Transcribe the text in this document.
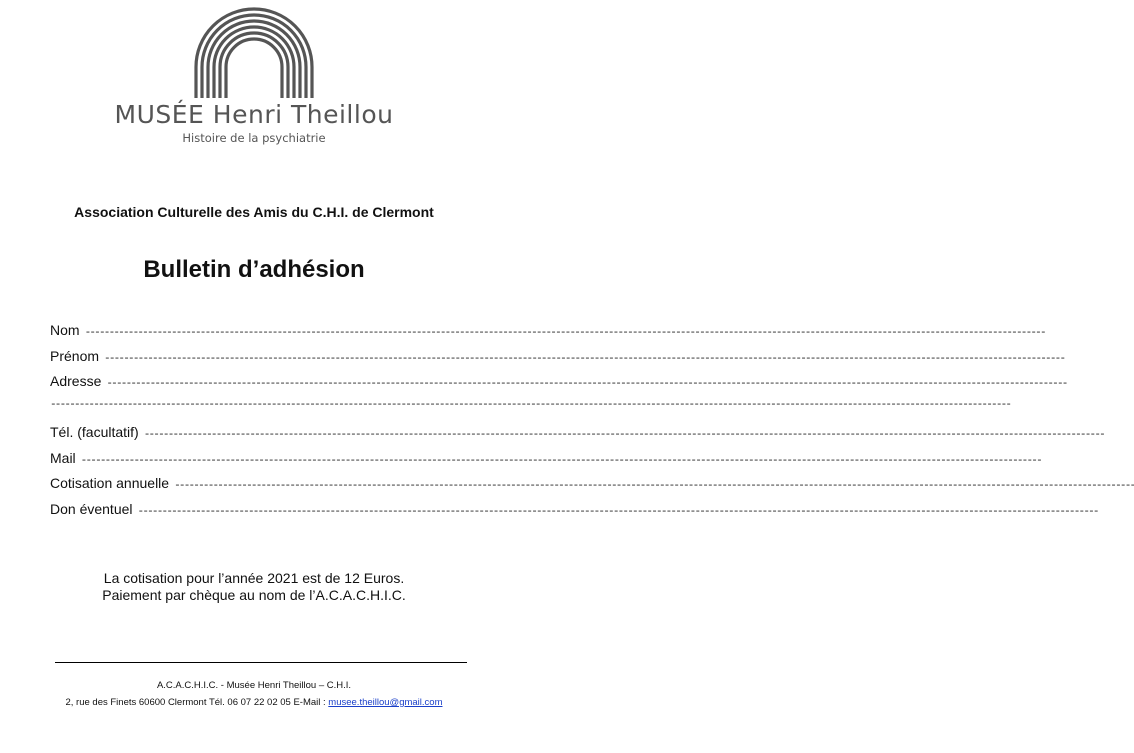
MUSÉE Henri Theillou
Histoire de la psychiatrie
Association Culturelle des Amis du C.H.I. de Clermont
Bulletin d’adhésion
Nom --------------------------------------------------------------------------------------------------------------------------------------------------------------------------------------------------------
Prénom --------------------------------------------------------------------------------------------------------------------------------------------------------------------------------------------------------
Adresse --------------------------------------------------------------------------------------------------------------------------------------------------------------------------------------------------------
--------------------------------------------------------------------------------------------------------------------------------------------------------------------------------------------------------
Tél. (facultatif) --------------------------------------------------------------------------------------------------------------------------------------------------------------------------------------------------------
Mail --------------------------------------------------------------------------------------------------------------------------------------------------------------------------------------------------------
Cotisation annuelle --------------------------------------------------------------------------------------------------------------------------------------------------------------------------------------------------------
Don éventuel --------------------------------------------------------------------------------------------------------------------------------------------------------------------------------------------------------
La cotisation pour l’année 2021 est de 12 Euros.
Paiement par chèque au nom de l’A.C.A.C.H.I.C.
A.C.A.C.H.I.C. - Musée Henri Theillou – C.H.I.
2, rue des Finets 60600 Clermont Tél. 06 07 22 02 05 E-Mail : musee.theillou@gmail.com
